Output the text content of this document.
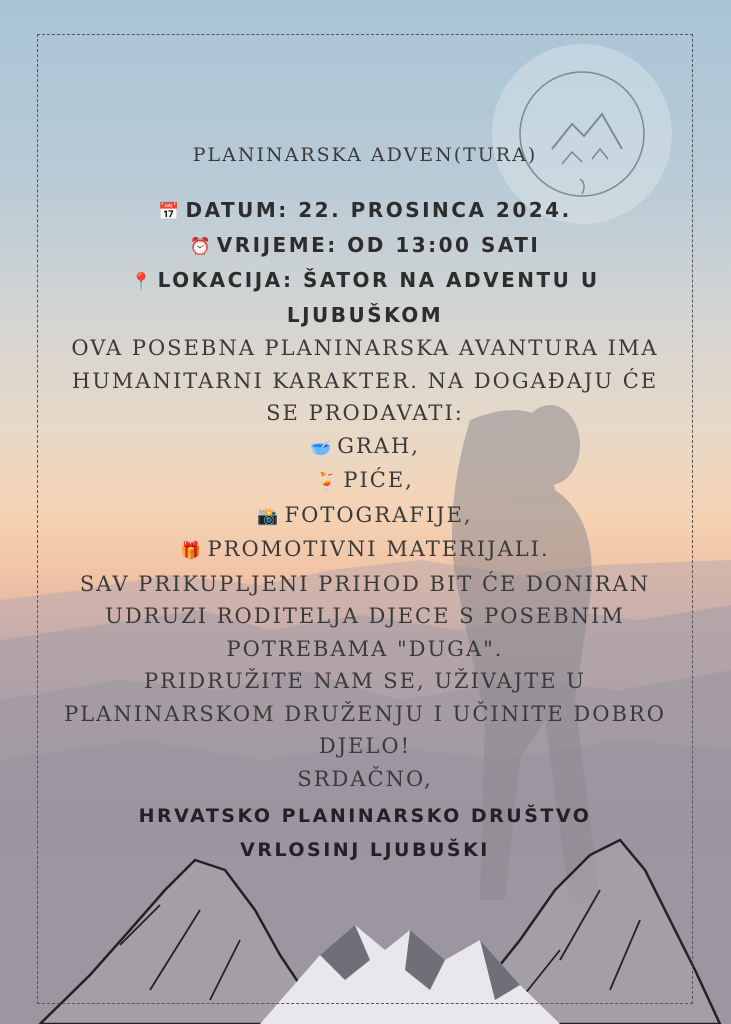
PLANINARSKA ADVEN(TURA)
📅 DATUM: 22. PROSINCA 2024.
⏰ VRIJEME: OD 13:00 SATI
📍 LOKACIJA: ŠATOR NA ADVENTU U
LJUBUŠKOM
OVA POSEBNA PLANINARSKA AVANTURA IMA
HUMANITARNI KARAKTER. NA DOGAĐAJU ĆE
SE PRODAVATI:
🥣 GRAH,
🍹 PIĆE,
📸 FOTOGRAFIJE,
🎁 PROMOTIVNI MATERIJALI.
SAV PRIKUPLJENI PRIHOD BIT ĆE DONIRAN
UDRUZI RODITELJA DJECE S POSEBNIM
POTREBAMA "DUGA".
PRIDRUŽITE NAM SE, UŽIVAJTE U
PLANINARSKOM DRUŽENJU I UČINITE DOBRO
DJELO!
SRDAČNO,
HRVATSKO PLANINARSKO DRUŠTVO
VRLOSINJ LJUBUŠKI
